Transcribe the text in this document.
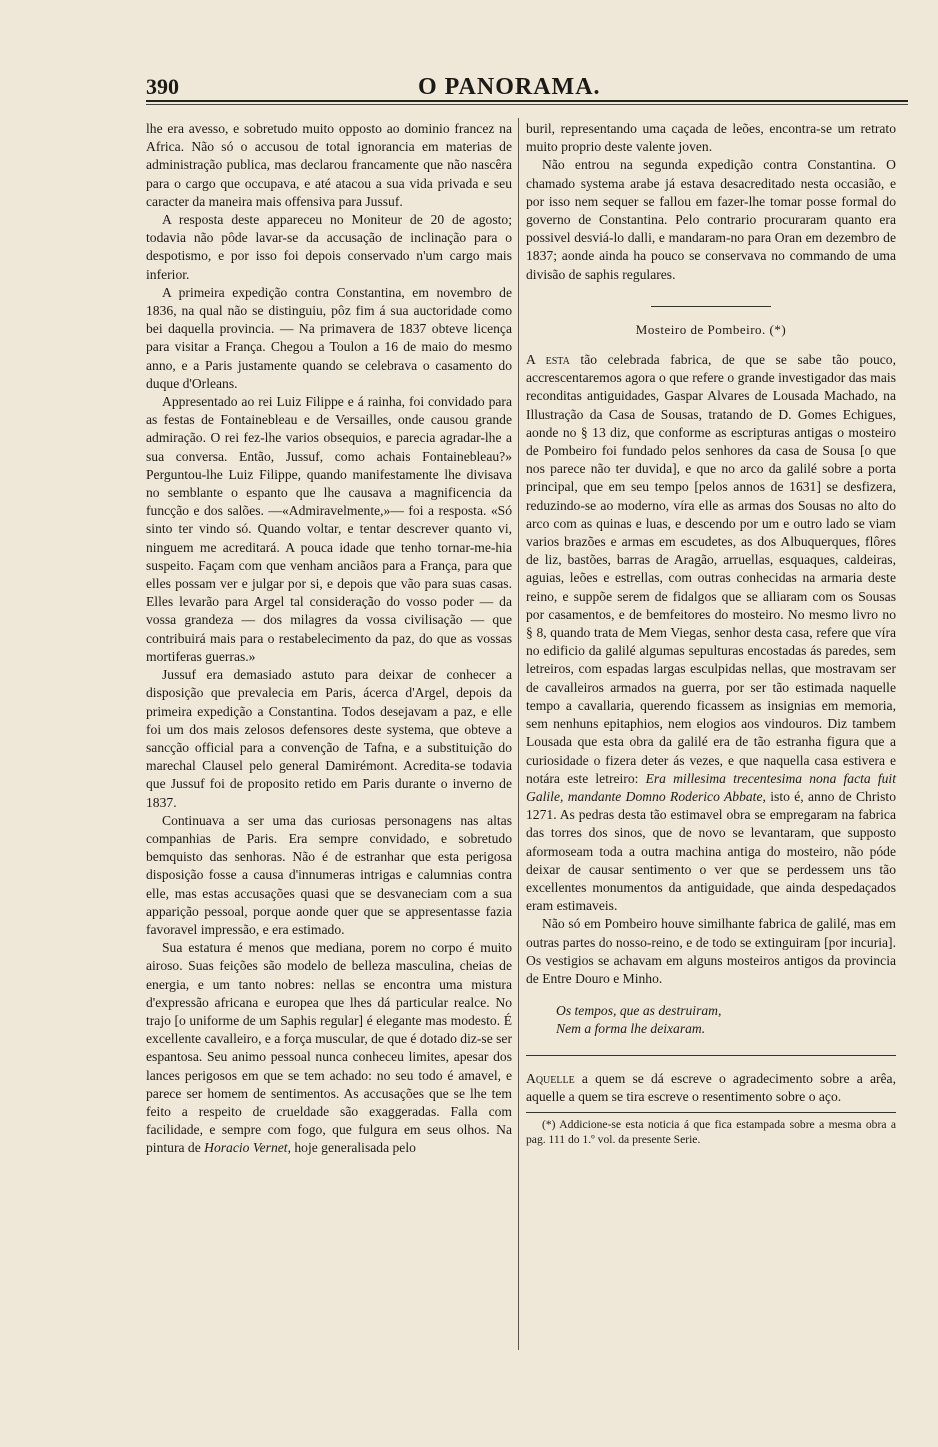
390	O PANORAMA.

lhe era avesso, e sobretudo muito opposto ao dominio francez na Africa. Não só o accusou de total ignorancia em materias de administração publica, mas declarou francamente que não nascêra para o cargo que occupava, e até atacou a sua vida privada e seu caracter da maneira mais offensiva para Jussuf.

A resposta deste appareceu no Moniteur de 20 de agosto; todavia não pôde lavar-se da accusação de inclinação para o despotismo, e por isso foi depois conservado n'um cargo mais inferior.

A primeira expedição contra Constantina, em novembro de 1836, na qual não se distinguiu, pôz fim á sua auctoridade como bei daquella provincia. — Na primavera de 1837 obteve licença para visitar a França. Chegou a Toulon a 16 de maio do mesmo anno, e a Paris justamente quando se celebrava o casamento do duque d'Orleans.

Appresentado ao rei Luiz Filippe e á rainha, foi convidado para as festas de Fontainebleau e de Versailles, onde causou grande admiração. O rei fez-lhe varios obsequios, e parecia agradar-lhe a sua conversa. Então, Jussuf, como achais Fontainebleau?» Perguntou-lhe Luiz Filippe, quando manifestamente lhe divisava no semblante o espanto que lhe causava a magnificencia da funcção e dos salões. —«Admiravelmente,»— foi a resposta. «Só sinto ter vindo só. Quando voltar, e tentar descrever quanto vi, ninguem me acreditará. A pouca idade que tenho tornar-me-hia suspeito. Façam com que venham anciãos para a França, para que elles possam ver e julgar por si, e depois que vão para suas casas. Elles levarão para Argel tal consideração do vosso poder — da vossa grandeza — dos milagres da vossa civilisação — que contribuirá mais para o restabelecimento da paz, do que as vossas mortiferas guerras.»

Jussuf era demasiado astuto para deixar de conhecer a disposição que prevalecia em Paris, ácerca d'Argel, depois da primeira expedição a Constantina. Todos desejavam a paz, e elle foi um dos mais zelosos defensores deste systema, que obteve a sancção official para a convenção de Tafna, e a substituição do marechal Clausel pelo general Damirémont. Acredita-se todavia que Jussuf foi de proposito retido em Paris durante o inverno de 1837.

Continuava a ser uma das curiosas personagens nas altas companhias de Paris. Era sempre convidado, e sobretudo bemquisto das senhoras. Não é de estranhar que esta perigosa disposição fosse a causa d'innumeras intrigas e calumnias contra elle, mas estas accusações quasi que se desvaneciam com a sua apparição pessoal, porque aonde quer que se appresentasse fazia favoravel impressão, e era estimado.

Sua estatura é menos que mediana, porem no corpo é muito airoso. Suas feições são modelo de belleza masculina, cheias de energia, e um tanto nobres: nellas se encontra uma mistura d'expressão africana e europea que lhes dá particular realce. No trajo [o uniforme de um Saphis regular] é elegante mas modesto. É excellente cavalleiro, e a força muscular, de que é dotado diz-se ser espantosa. Seu animo pessoal nunca conheceu limites, apesar dos lances perigosos em que se tem achado: no seu todo é amavel, e parece ser homem de sentimentos. As accusações que se lhe tem feito a respeito de crueldade são exaggeradas. Falla com facilidade, e sempre com fogo, que fulgura em seus olhos. Na pintura de Horacio Vernet, hoje generalisada pelo

buril, representando uma caçada de leões, encontra-se um retrato muito proprio deste valente joven.

Não entrou na segunda expedição contra Constantina. O chamado systema arabe já estava desacreditado nesta occasião, e por isso nem sequer se fallou em fazer-lhe tomar posse formal do governo de Constantina. Pelo contrario procuraram quanto era possivel desviá-lo dalli, e mandaram-no para Oran em dezembro de 1837; aonde ainda ha pouco se conservava no commando de uma divisão de saphis regulares.

Mosteiro de Pombeiro. (*)

A esta tão celebrada fabrica, de que se sabe tão pouco, accrescentaremos agora o que refere o grande investigador das mais reconditas antiguidades, Gaspar Alvares de Lousada Machado, na Illustração da Casa de Sousas, tratando de D. Gomes Echigues, aonde no § 13 diz, que conforme as escripturas antigas o mosteiro de Pombeiro foi fundado pelos senhores da casa de Sousa [o que nos parece não ter duvida], e que no arco da galilé sobre a porta principal, que em seu tempo [pelos annos de 1631] se desfizera, reduzindo-se ao moderno, víra elle as armas dos Sousas no alto do arco com as quinas e luas, e descendo por um e outro lado se viam varios brazões e armas em escudetes, as dos Albuquerques, flôres de liz, bastões, barras de Aragão, arruellas, esquaques, caldeiras, aguias, leões e estrellas, com outras conhecidas na armaria deste reino, e suppõe serem de fidalgos que se alliaram com os Sousas por casamentos, e de bemfeitores do mosteiro. No mesmo livro no § 8, quando trata de Mem Viegas, senhor desta casa, refere que víra no edificio da galilé algumas sepulturas encostadas ás paredes, sem letreiros, com espadas largas esculpidas nellas, que mostravam ser de cavalleiros armados na guerra, por ser tão estimada naquelle tempo a cavallaria, querendo ficassem as insignias em memoria, sem nenhuns epitaphios, nem elogios aos vindouros. Diz tambem Lousada que esta obra da galilé era de tão estranha figura que a curiosidade o fizera deter ás vezes, e que naquella casa estivera e notára este letreiro: Era millesima trecentesima nona facta fuit Galile, mandante Domno Roderico Abbate, isto é, anno de Christo 1271. As pedras desta tão estimavel obra se empregaram na fabrica das torres dos sinos, que de novo se levantaram, que supposto aformoseam toda a outra machina antiga do mosteiro, não póde deixar de causar sentimento o ver que se perdessem uns tão excellentes monumentos da antiguidade, que ainda despedaçados eram estimaveis.

Não só em Pombeiro houve similhante fabrica de galilé, mas em outras partes do nosso-reino, e de todo se extinguiram [por incuria]. Os vestigios se achavam em alguns mosteiros antigos da provincia de Entre Douro e Minho.

Os tempos, que as destruiram,
Nem a forma lhe deixaram.

Aquelle a quem se dá escreve o agradecimento sobre a arêa, aquelle a quem se tira escreve o resentimento sobre o aço.

(*) Addicione-se esta noticia á que fica estampada sobre a mesma obra a pag. 111 do 1.º vol. da presente Serie.
